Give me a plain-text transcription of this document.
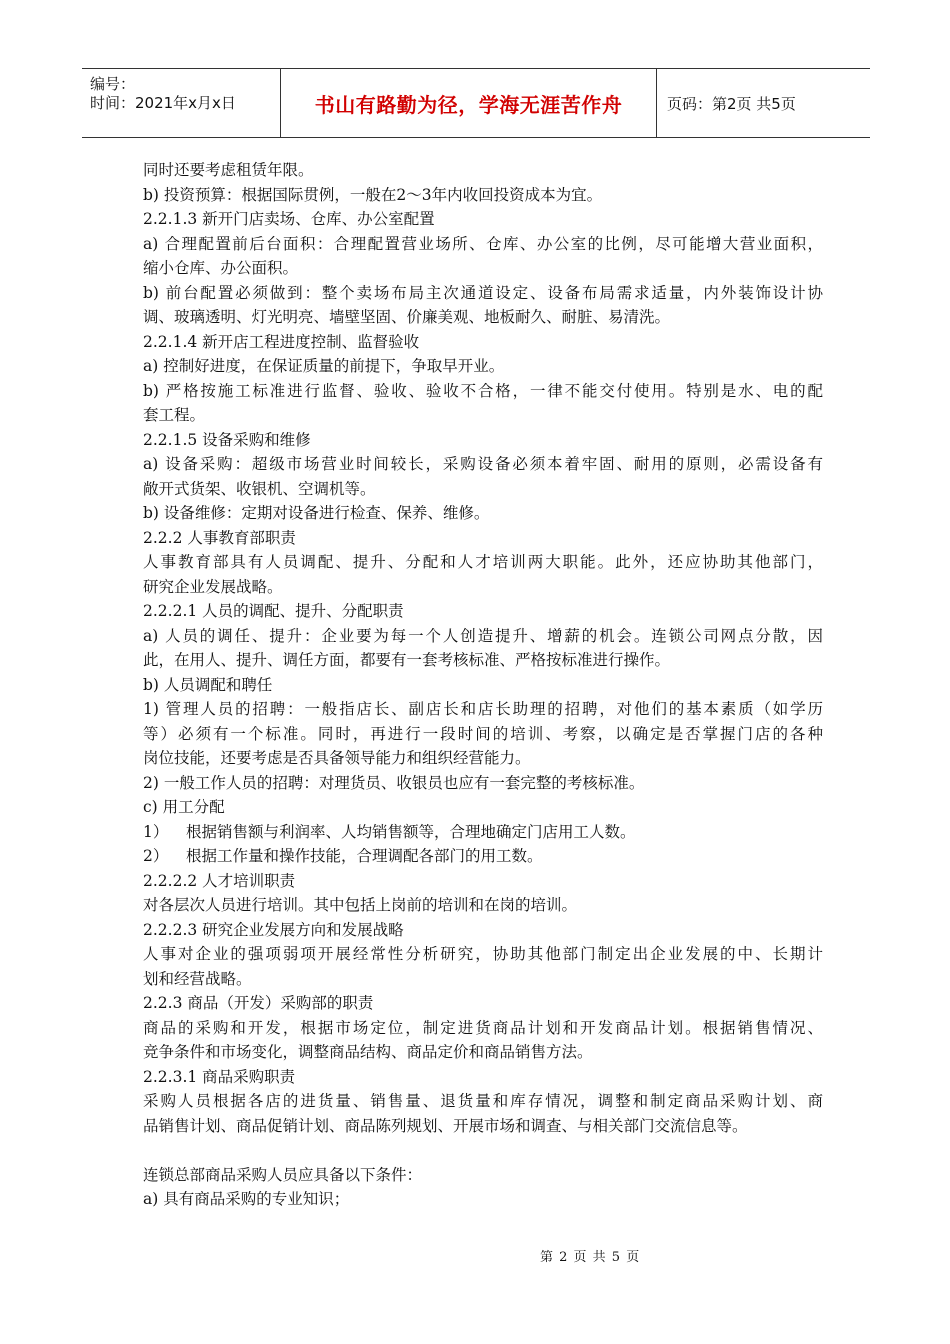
编号：
时间：2021年x月x日	书山有路勤为径，学海无涯苦作舟	页码：第2页 共5页
同时还要考虑租赁年限。
b) 投资预算：根据国际贯例，一般在2～3年内收回投资成本为宜。
2.2.1.3 新开门店卖场、仓库、办公室配置
a) 合理配置前后台面积：合理配置营业场所、仓库、办公室的比例，尽可能增大营业面积，
缩小仓库、办公面积。
b) 前台配置必须做到：整个卖场布局主次通道设定、设备布局需求适量，内外装饰设计协
调、玻璃透明、灯光明亮、墙壁坚固、价廉美观、地板耐久、耐脏、易清洗。
2.2.1.4 新开店工程进度控制、监督验收
a) 控制好进度，在保证质量的前提下，争取早开业。
b) 严格按施工标准进行监督、验收、验收不合格，一律不能交付使用。特别是水、电的配
套工程。
2.2.1.5 设备采购和维修
a) 设备采购：超级市场营业时间较长，采购设备必须本着牢固、耐用的原则，必需设备有
敞开式货架、收银机、空调机等。
b) 设备维修：定期对设备进行检查、保养、维修。
2.2.2 人事教育部职责
人事教育部具有人员调配、提升、分配和人才培训两大职能。此外，还应协助其他部门，
研究企业发展战略。
2.2.2.1 人员的调配、提升、分配职责
a) 人员的调任、提升：企业要为每一个人创造提升、增薪的机会。连锁公司网点分散，因
此，在用人、提升、调任方面，都要有一套考核标准、严格按标准进行操作。
b) 人员调配和聘任
1) 管理人员的招聘：一般指店长、副店长和店长助理的招聘，对他们的基本素质（如学历
等）必须有一个标准。同时，再进行一段时间的培训、考察，以确定是否掌握门店的各种
岗位技能，还要考虑是否具备领导能力和组织经营能力。
2) 一般工作人员的招聘：对理货员、收银员也应有一套完整的考核标准。
c) 用工分配
1） 根据销售额与利润率、人均销售额等，合理地确定门店用工人数。
2） 根据工作量和操作技能，合理调配各部门的用工数。
2.2.2.2 人才培训职责
对各层次人员进行培训。其中包括上岗前的培训和在岗的培训。
2.2.2.3 研究企业发展方向和发展战略
人事对企业的强项弱项开展经常性分析研究，协助其他部门制定出企业发展的中、长期计
划和经营战略。
2.2.3 商品（开发）采购部的职责
商品的采购和开发，根据市场定位，制定进货商品计划和开发商品计划。根据销售情况、
竞争条件和市场变化，调整商品结构、商品定价和商品销售方法。
2.2.3.1 商品采购职责
采购人员根据各店的进货量、销售量、退货量和库存情况，调整和制定商品采购计划、商
品销售计划、商品促销计划、商品陈列规划、开展市场和调查、与相关部门交流信息等。
连锁总部商品采购人员应具备以下条件：
a) 具有商品采购的专业知识；
第 2 页 共 5 页
